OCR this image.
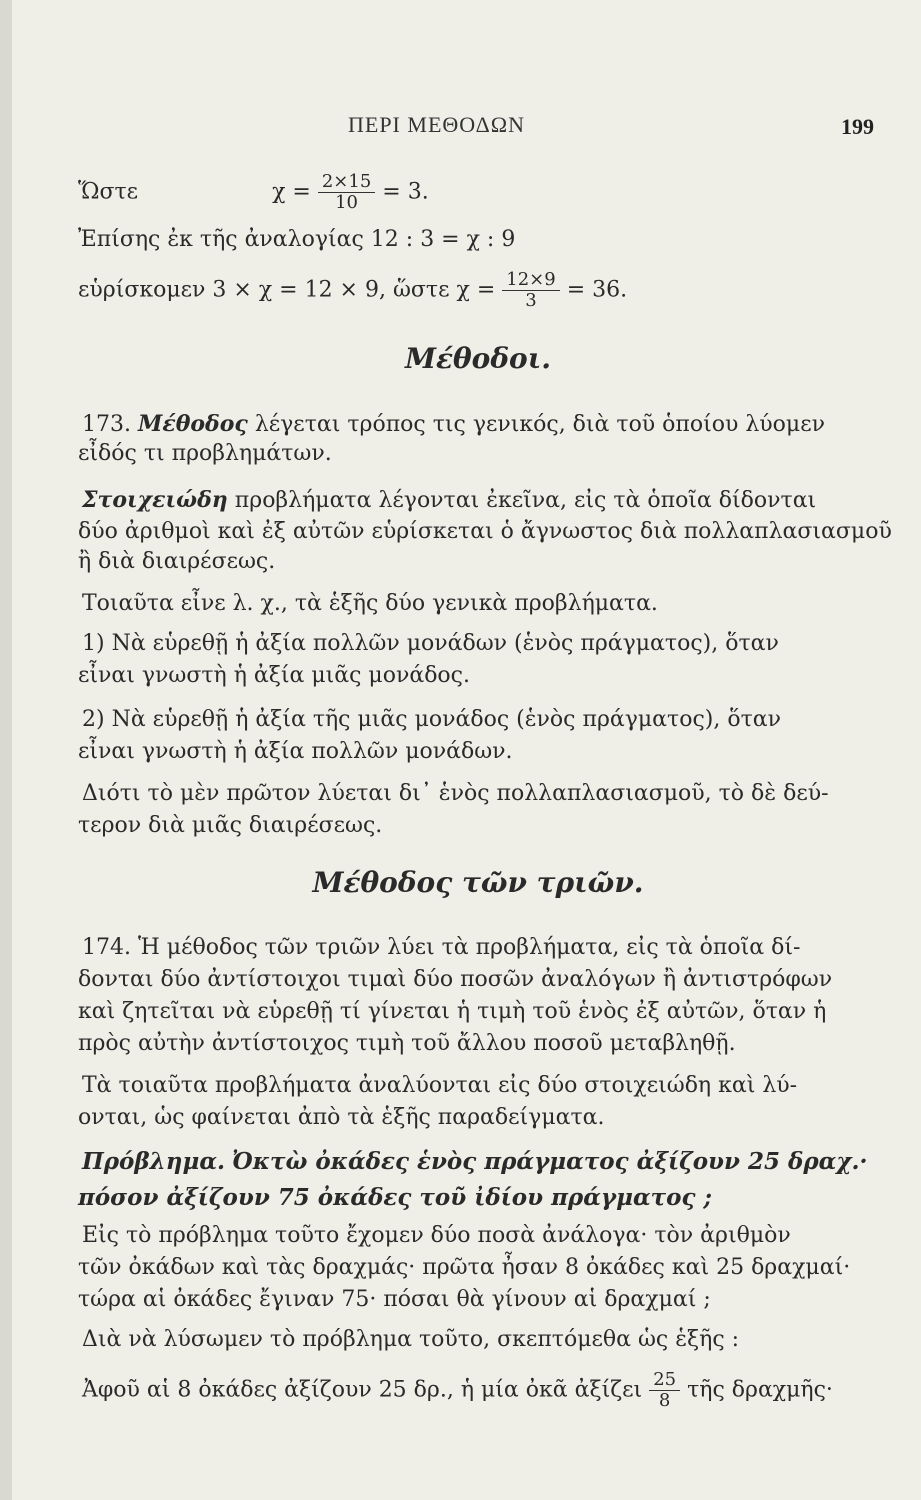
ΠΕΡΙ ΜΕΘΟΔΩΝ	199
Ὥστε	$\chi = \frac{2\times 15}{10} = 3$.
Ἐπίσης ἐκ τῆς ἀναλογίας 12 : 3 = χ : 9
εὑρίσκομεν 3 × χ = 12 × 9, ὥστε $\chi = \frac{12\times 9}{3} = 36$.
Μέθοδοι.
173. Μέθοδος λέγεται τρόπος τις γενικός, διὰ τοῦ ὁποίου λύομεν
εἶδός τι προβλημάτων.
Στοιχειώδη προβλήματα λέγονται ἐκεῖνα, εἰς τὰ ὁποῖα δίδονται
δύο ἀριθμοὶ καὶ ἐξ αὐτῶν εὑρίσκεται ὁ ἄγνωστος διὰ πολλαπλασιασμοῦ
ἢ διὰ διαιρέσεως.
Τοιαῦτα εἶνε λ. χ., τὰ ἑξῆς δύο γενικὰ προβλήματα.
1) Νὰ εὑρεθῇ ἡ ἀξία πολλῶν μονάδων (ἑνὸς πράγματος), ὅταν
εἶναι γνωστὴ ἡ ἀξία μιᾶς μονάδος.
2) Νὰ εὑρεθῇ ἡ ἀξία τῆς μιᾶς μονάδος (ἑνὸς πράγματος), ὅταν
εἶναι γνωστὴ ἡ ἀξία πολλῶν μονάδων.
Διότι τὸ μὲν πρῶτον λύεται δι᾽ ἑνὸς πολλαπλασιασμοῦ, τὸ δὲ δεύ-
τερον διὰ μιᾶς διαιρέσεως.
Μέθοδος τῶν τριῶν.
174. Ἡ μέθοδος τῶν τριῶν λύει τὰ προβλήματα, εἰς τὰ ὁποῖα δί-
δονται δύο ἀντίστοιχοι τιμαὶ δύο ποσῶν ἀναλόγων ἢ ἀντιστρόφων
καὶ ζητεῖται νὰ εὑρεθῇ τί γίνεται ἡ τιμὴ τοῦ ἑνὸς ἐξ αὐτῶν, ὅταν ἡ
πρὸς αὐτὴν ἀντίστοιχος τιμὴ τοῦ ἄλλου ποσοῦ μεταβληθῇ.
Τὰ τοιαῦτα προβλήματα ἀναλύονται εἰς δύο στοιχειώδη καὶ λύ-
ονται, ὡς φαίνεται ἀπὸ τὰ ἑξῆς παραδείγματα.
Πρόβλημα. Ὀκτὼ ὀκάδες ἑνὸς πράγματος ἀξίζουν 25 δραχ.·
πόσον ἀξίζουν 75 ὀκάδες τοῦ ἰδίου πράγματος ;
Εἰς τὸ πρόβλημα τοῦτο ἔχομεν δύο ποσὰ ἀνάλογα· τὸν ἀριθμὸν
τῶν ὀκάδων καὶ τὰς δραχμάς· πρῶτα ἦσαν 8 ὀκάδες καὶ 25 δραχμαί·
τώρα αἱ ὀκάδες ἔγιναν 75· πόσαι θὰ γίνουν αἱ δραχμαί ;
Διὰ νὰ λύσωμεν τὸ πρόβλημα τοῦτο, σκεπτόμεθα ὡς ἑξῆς :
Ἀφοῦ αἱ 8 ὀκάδες ἀξίζουν 25 δρ., ἡ μία ὀκᾶ ἀξίζει $\frac{25}{8}$ τῆς δραχμῆς·
